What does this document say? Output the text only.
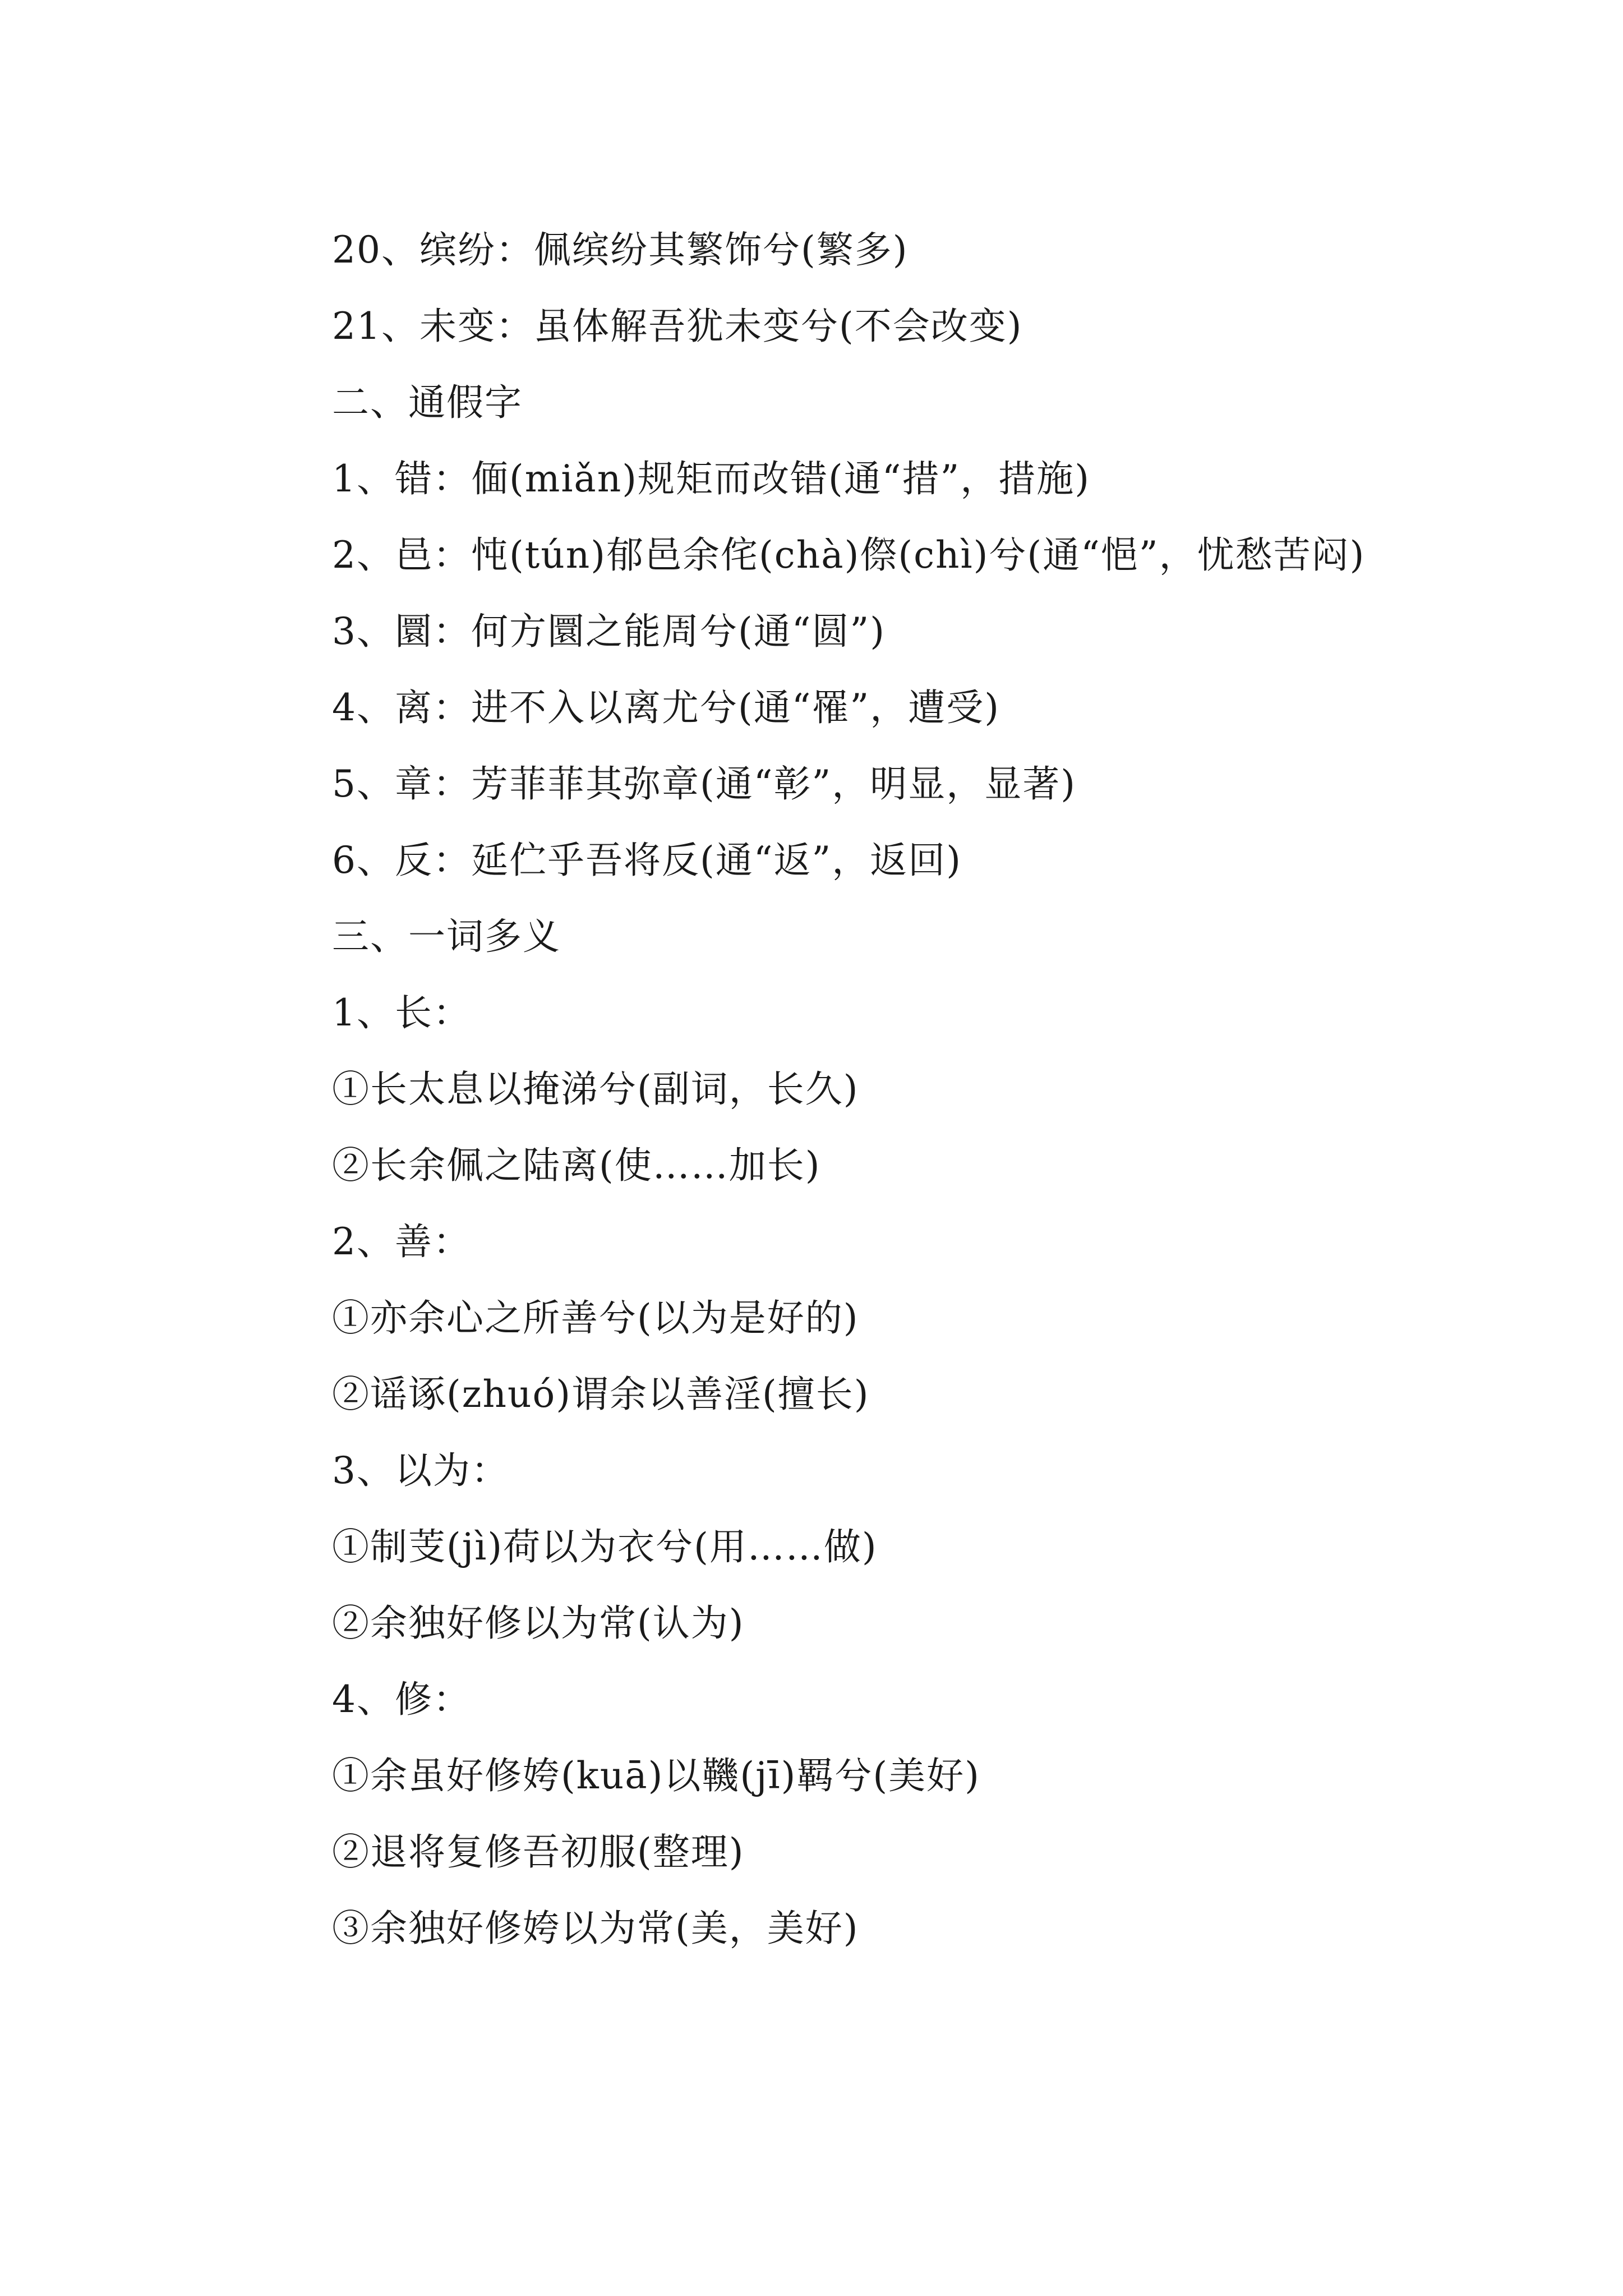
20、缤纷：佩缤纷其繁饰兮(繁多)
21、未变：虽体解吾犹未变兮(不会改变)
二、通假字
1、错：偭(miǎn)规矩而改错(通“措”，措施)
2、邑：忳(tún)郁邑余侘(chà)傺(chì)兮(通“悒”，忧愁苦闷)
3、圜：何方圜之能周兮(通“圆”)
4、离：进不入以离尤兮(通“罹”，遭受)
5、章：芳菲菲其弥章(通“彰”，明显，显著)
6、反：延伫乎吾将反(通“返”，返回)
三、一词多义
1、长：
①长太息以掩涕兮(副词，长久)
②长余佩之陆离(使……加长)
2、善：
①亦余心之所善兮(以为是好的)
②谣诼(zhuó)谓余以善淫(擅长)
3、以为：
①制芰(jì)荷以为衣兮(用……做)
②余独好修以为常(认为)
4、修：
①余虽好修姱(kuā)以鞿(jī)羁兮(美好)
②退将复修吾初服(整理)
③余独好修姱以为常(美，美好)
